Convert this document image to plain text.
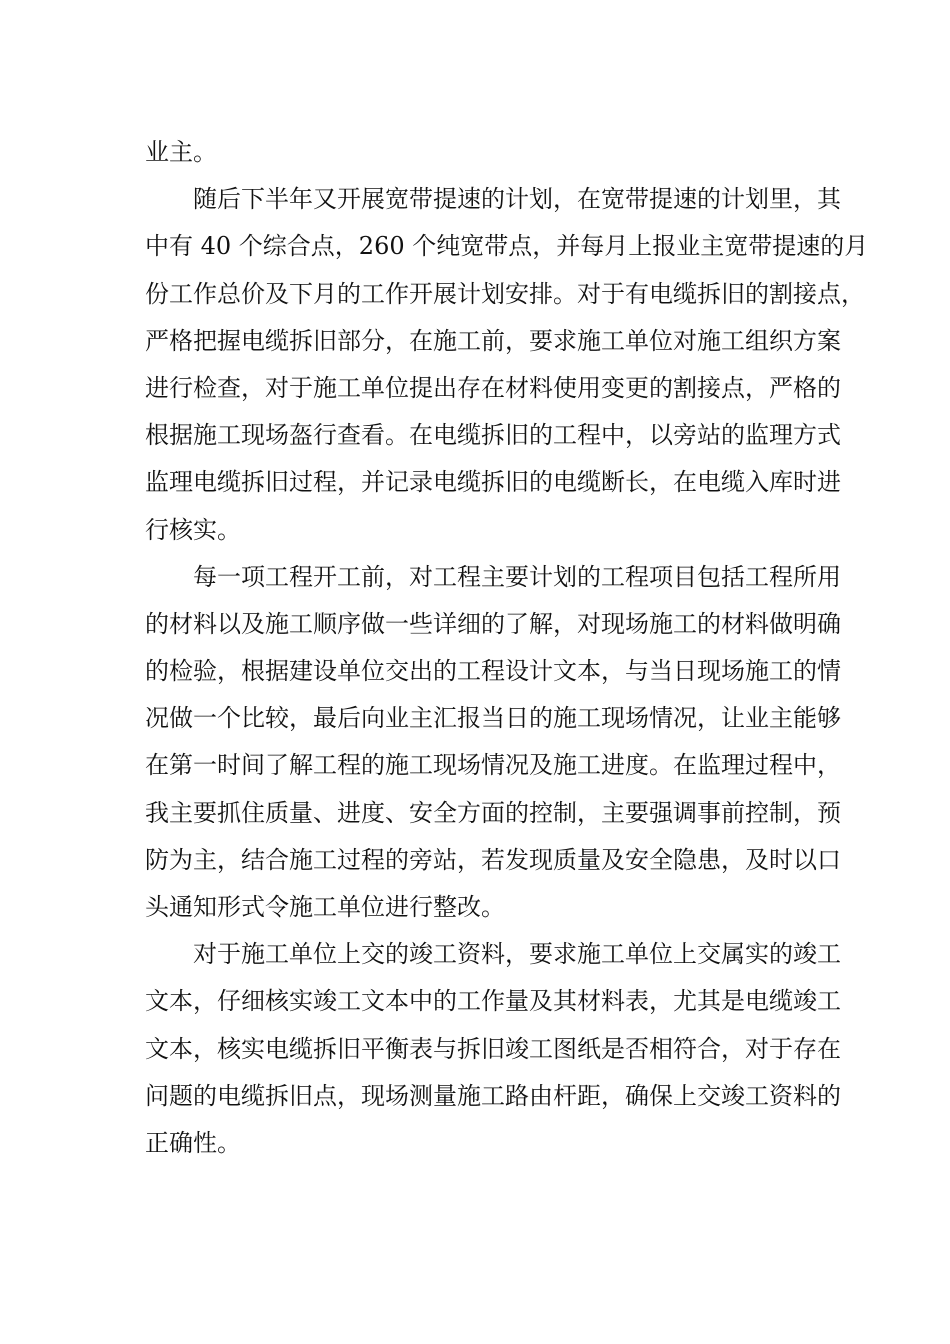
业主。
随后下半年又开展宽带提速的计划，在宽带提速的计划里，其
中有 40 个综合点，260 个纯宽带点，并每月上报业主宽带提速的月
份工作总价及下月的工作开展计划安排。对于有电缆拆旧的割接点，
严格把握电缆拆旧部分，在施工前，要求施工单位对施工组织方案
进行检查，对于施工单位提出存在材料使用变更的割接点，严格的
根据施工现场盔行查看。在电缆拆旧的工程中，以旁站的监理方式
监理电缆拆旧过程，并记录电缆拆旧的电缆断长，在电缆入库时进
行核实。
每一项工程开工前，对工程主要计划的工程项目包括工程所用
的材料以及施工顺序做一些详细的了解，对现场施工的材料做明确
的检验，根据建设单位交出的工程设计文本，与当日现场施工的情
况做一个比较，最后向业主汇报当日的施工现场情况，让业主能够
在第一时间了解工程的施工现场情况及施工进度。在监理过程中，
我主要抓住质量、进度、安全方面的控制，主要强调事前控制，预
防为主，结合施工过程的旁站，若发现质量及安全隐患，及时以口
头通知形式令施工单位进行整改。
对于施工单位上交的竣工资料，要求施工单位上交属实的竣工
文本，仔细核实竣工文本中的工作量及其材料表，尤其是电缆竣工
文本，核实电缆拆旧平衡表与拆旧竣工图纸是否相符合，对于存在
问题的电缆拆旧点，现场测量施工路由杆距，确保上交竣工资料的
正确性。
